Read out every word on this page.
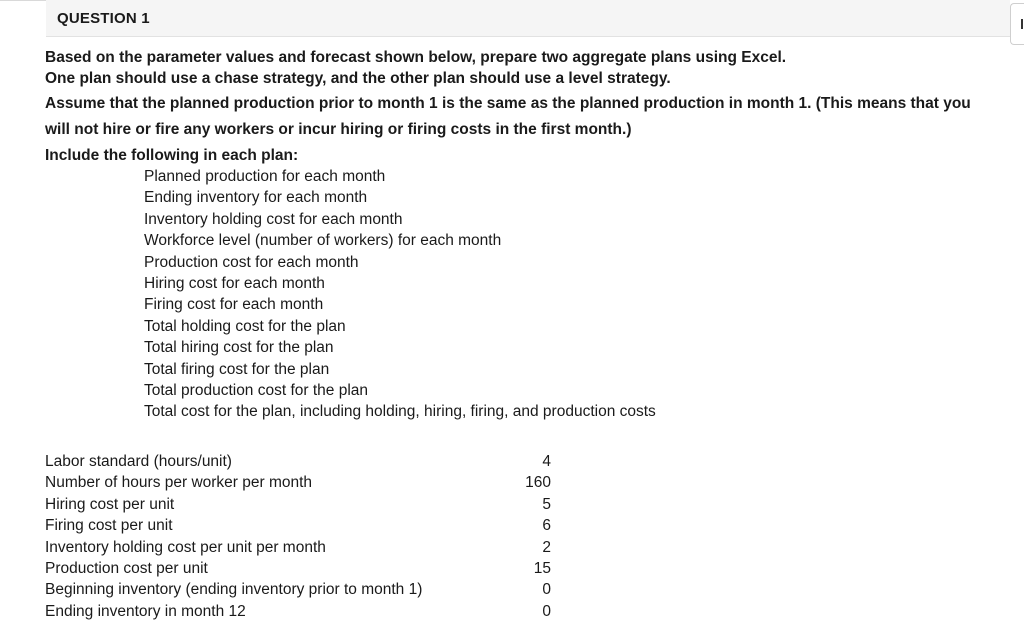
QUESTION 1

Based on the parameter values and forecast shown below, prepare two aggregate plans using Excel.

One plan should use a chase strategy, and the other plan should use a level strategy.

Assume that the planned production prior to month 1 is the same as the planned production in month 1. (This means that you will not hire or fire any workers or incur hiring or firing costs in the first month.)

Include the following in each plan:

Planned production for each month
Ending inventory for each month
Inventory holding cost for each month
Workforce level (number of workers) for each month
Production cost for each month
Hiring cost for each month
Firing cost for each month
Total holding cost for the plan
Total hiring cost for the plan
Total firing cost for the plan
Total production cost for the plan
Total cost for the plan, including holding, hiring, firing, and production costs
Labor standard (hours/unit)	4
Number of hours per worker per month	160
Hiring cost per unit	5
Firing cost per unit	6
Inventory holding cost per unit per month	2
Production cost per unit	15
Beginning inventory (ending inventory prior to month 1)	0
Ending inventory in month 12	0
